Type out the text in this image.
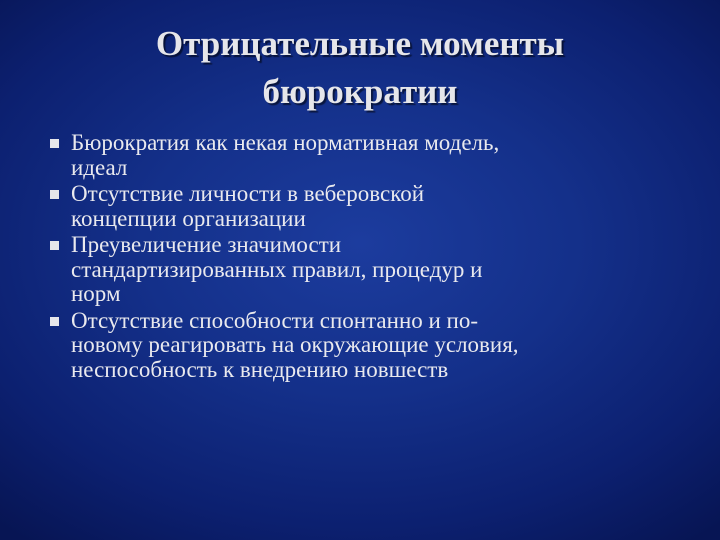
Отрицательные моменты
бюрократии
Бюрократия как некая нормативная модель,
идеал
Отсутствие личности в веберовской
концепции организации
Преувеличение значимости
стандартизированных правил, процедур и
норм
Отсутствие способности спонтанно и по-
новому реагировать на окружающие условия,
неспособность к внедрению новшеств
